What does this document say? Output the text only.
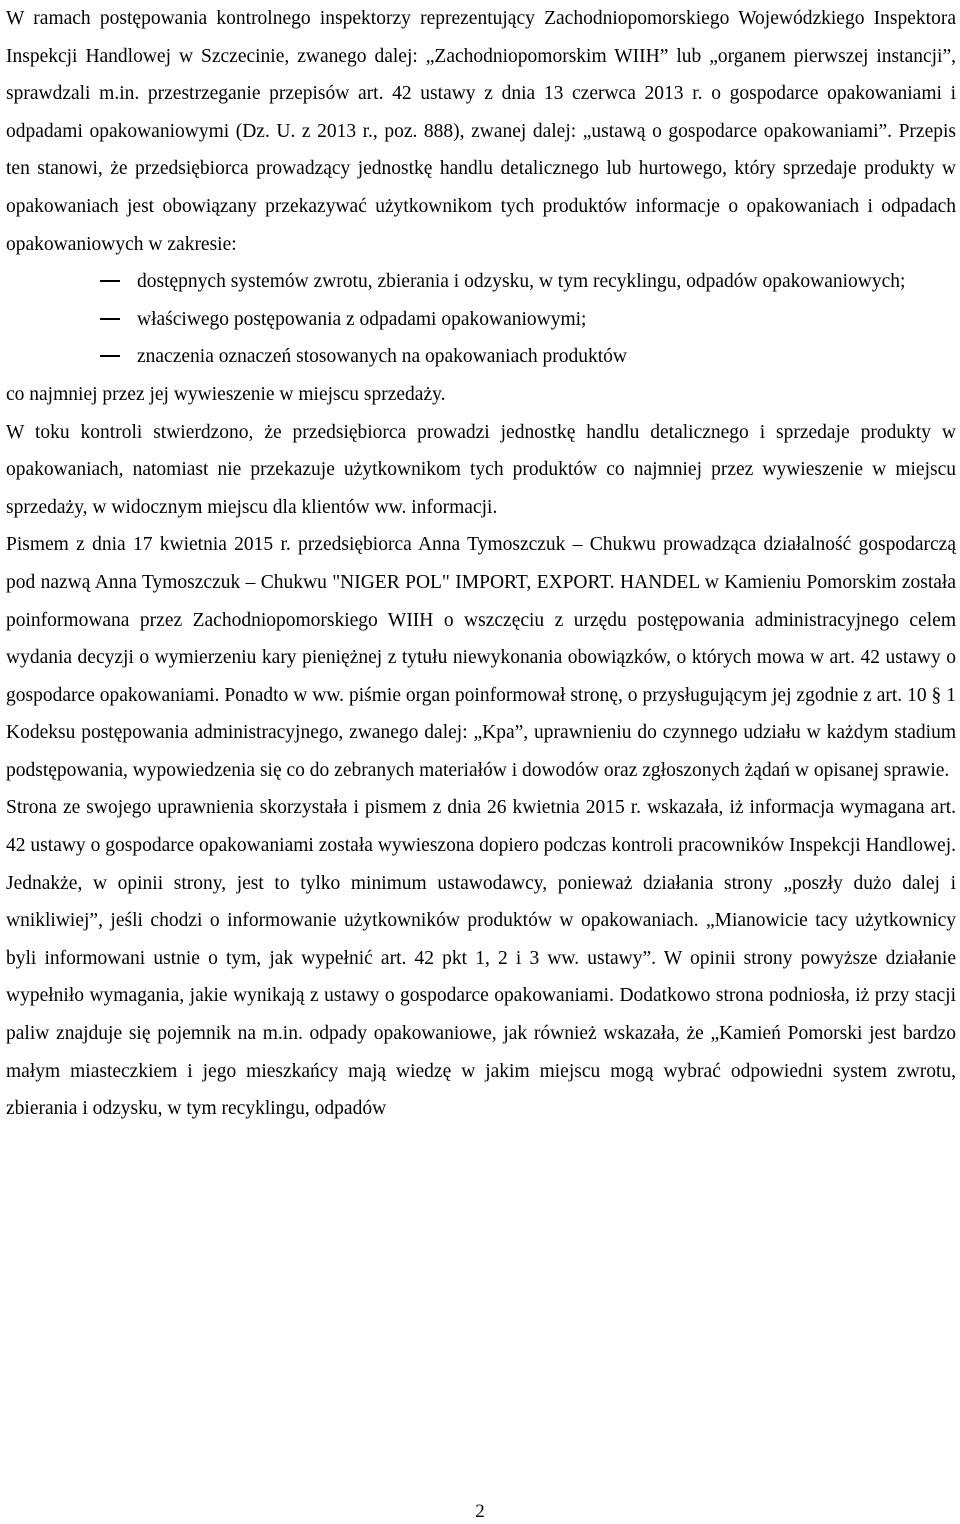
W ramach postępowania kontrolnego inspektorzy reprezentujący Zachodniopomorskiego Wojewódzkiego Inspektora Inspekcji Handlowej w Szczecinie, zwanego dalej: „Zachodniopomorskim WIIH” lub „organem pierwszej instancji”, sprawdzali m.in. przestrzeganie przepisów art. 42 ustawy z dnia 13 czerwca 2013 r. o gospodarce opakowaniami i odpadami opakowaniowymi (Dz. U. z 2013 r., poz. 888), zwanej dalej: „ustawą o gospodarce opakowaniami”. Przepis ten stanowi, że przedsiębiorca prowadzący jednostkę handlu detalicznego lub hurtowego, który sprzedaje produkty w opakowaniach jest obowiązany przekazywać użytkownikom tych produktów informacje o opakowaniach i odpadach opakowaniowych w zakresie:

dostępnych systemów zwrotu, zbierania i odzysku, w tym recyklingu, odpadów opakowaniowych;
właściwego postępowania z odpadami opakowaniowymi;
znaczenia oznaczeń stosowanych na opakowaniach produktów

co najmniej przez jej wywieszenie w miejscu sprzedaży.

W toku kontroli stwierdzono, że przedsiębiorca prowadzi jednostkę handlu detalicznego i sprzedaje produkty w opakowaniach, natomiast nie przekazuje użytkownikom tych produktów co najmniej przez wywieszenie w miejscu sprzedaży, w widocznym miejscu dla klientów ww. informacji.

Pismem z dnia 17 kwietnia 2015 r. przedsiębiorca Anna Tymoszczuk – Chukwu prowadząca działalność gospodarczą pod nazwą Anna Tymoszczuk – Chukwu "NIGER POL" IMPORT, EXPORT. HANDEL w Kamieniu Pomorskim została poinformowana przez Zachodniopomorskiego WIIH o wszczęciu z urzędu postępowania administracyjnego celem wydania decyzji o wymierzeniu kary pieniężnej z tytułu niewykonania obowiązków, o których mowa w art. 42 ustawy o gospodarce opakowaniami. Ponadto w ww. piśmie organ poinformował stronę, o przysługującym jej zgodnie z art. 10 § 1 Kodeksu postępowania administracyjnego, zwanego dalej: „Kpa”, uprawnieniu do czynnego udziału w każdym stadium podstępowania, wypowiedzenia się co do zebranych materiałów i dowodów oraz zgłoszonych żądań w opisanej sprawie.

Strona ze swojego uprawnienia skorzystała i pismem z dnia 26 kwietnia 2015 r. wskazała, iż informacja wymagana art. 42 ustawy o gospodarce opakowaniami została wywieszona dopiero podczas kontroli pracowników Inspekcji Handlowej. Jednakże, w opinii strony, jest to tylko minimum ustawodawcy, ponieważ działania strony „poszły dużo dalej i wnikliwiej”, jeśli chodzi o informowanie użytkowników produktów w opakowaniach. „Mianowicie tacy użytkownicy byli informowani ustnie o tym, jak wypełnić art. 42 pkt 1, 2 i 3 ww. ustawy”. W opinii strony powyższe działanie wypełniło wymagania, jakie wynikają z ustawy o gospodarce opakowaniami. Dodatkowo strona podniosła, iż przy stacji paliw znajduje się pojemnik na m.in. odpady opakowaniowe, jak również wskazała, że „Kamień Pomorski jest bardzo małym miasteczkiem i jego mieszkańcy mają wiedzę w jakim miejscu mogą wybrać odpowiedni system zwrotu, zbierania i odzysku, w tym recyklingu, odpadów

2
